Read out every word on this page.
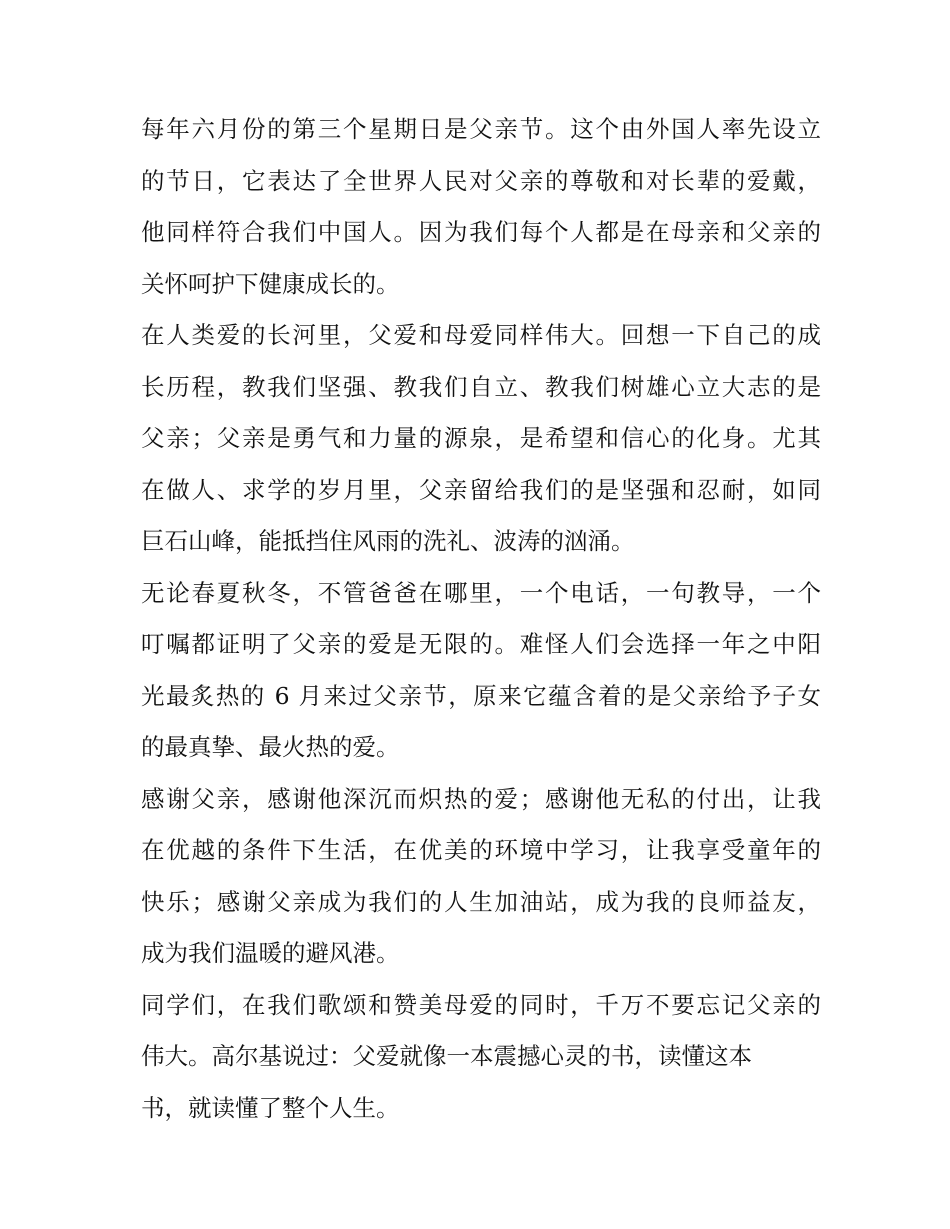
每年六月份的第三个星期日是父亲节。这个由外国人率先设立
的节日，它表达了全世界人民对父亲的尊敬和对长辈的爱戴，
他同样符合我们中国人。因为我们每个人都是在母亲和父亲的
关怀呵护下健康成长的。
在人类爱的长河里，父爱和母爱同样伟大。回想一下自己的成
长历程，教我们坚强、教我们自立、教我们树雄心立大志的是
父亲；父亲是勇气和力量的源泉，是希望和信心的化身。尤其
在做人、求学的岁月里，父亲留给我们的是坚强和忍耐，如同
巨石山峰，能抵挡住风雨的洗礼、波涛的汹涌。
无论春夏秋冬，不管爸爸在哪里，一个电话，一句教导，一个
叮嘱都证明了父亲的爱是无限的。难怪人们会选择一年之中阳
光最炙热的 6 月来过父亲节，原来它蕴含着的是父亲给予子女
的最真挚、最火热的爱。
感谢父亲，感谢他深沉而炽热的爱；感谢他无私的付出，让我
在优越的条件下生活，在优美的环境中学习，让我享受童年的
快乐；感谢父亲成为我们的人生加油站，成为我的良师益友，
成为我们温暖的避风港。
同学们，在我们歌颂和赞美母爱的同时，千万不要忘记父亲的
伟大。高尔基说过：父爱就像一本震撼心灵的书，读懂这本
书，就读懂了整个人生。
